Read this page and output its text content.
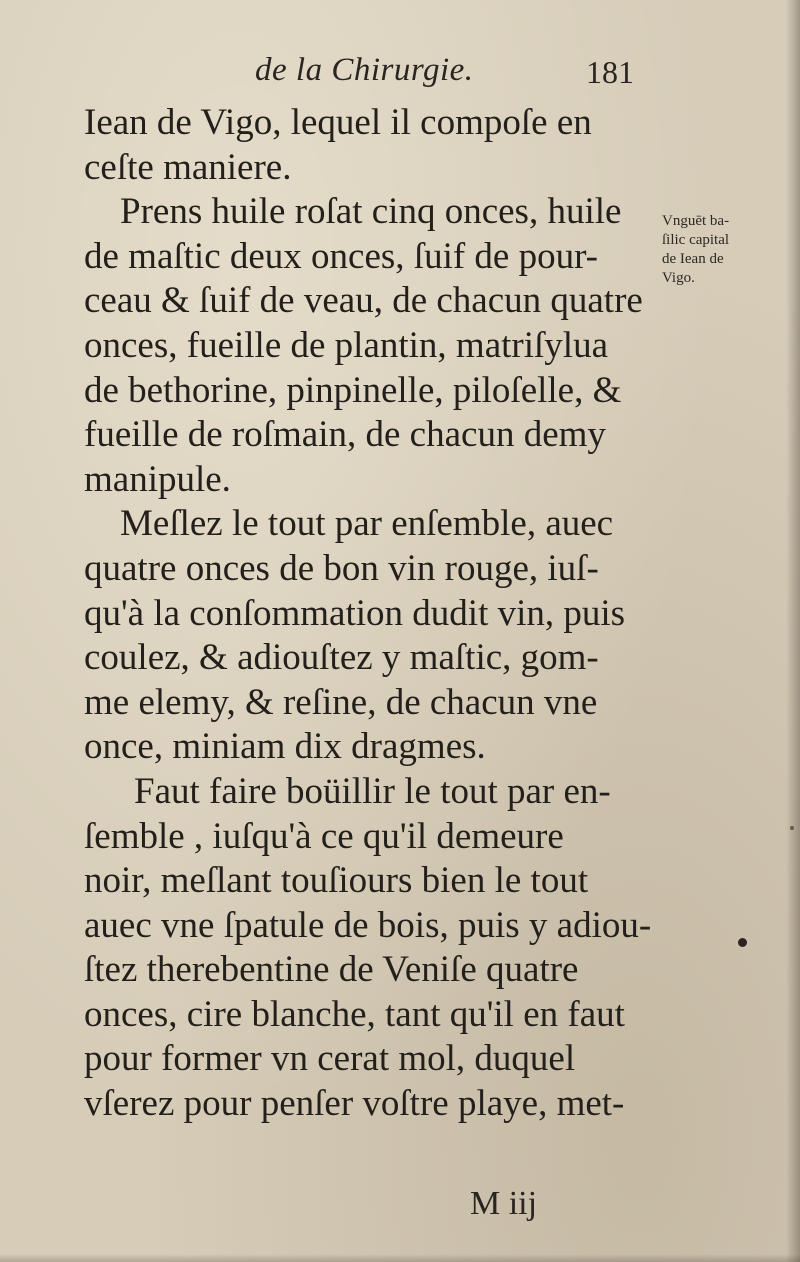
de la Chirurgie.	181
Iean de Vigo, lequel il compoſe en
ceſte maniere.
Prens huile roſat cinq onces, huile
de maſtic deux onces, ſuif de pour-
ceau & ſuif de veau, de chacun quatre
onces, fueille de plantin, matriſylua
de bethorine, pinpinelle, piloſelle, &
fueille de roſmain, de chacun demy
manipule.
Meſlez le tout par enſemble, auec
quatre onces de bon vin rouge, iuſ-
qu'à la conſommation dudit vin, puis
coulez, & adiouſtez y maſtic, gom-
me elemy, & reſine, de chacun vne
once, miniam dix dragmes.
Faut faire boüillir le tout par en-
ſemble , iuſqu'à ce qu'il demeure
noir, meſlant touſiours bien le tout
auec vne ſpatule de bois, puis y adiou-
ſtez therebentine de Veniſe quatre
onces, cire blanche, tant qu'il en faut
pour former vn cerat mol, duquel
vſerez pour penſer voſtre playe, met-
Vnguēt ba-
ſilic capital
de Iean de
Vigo.
M iij
